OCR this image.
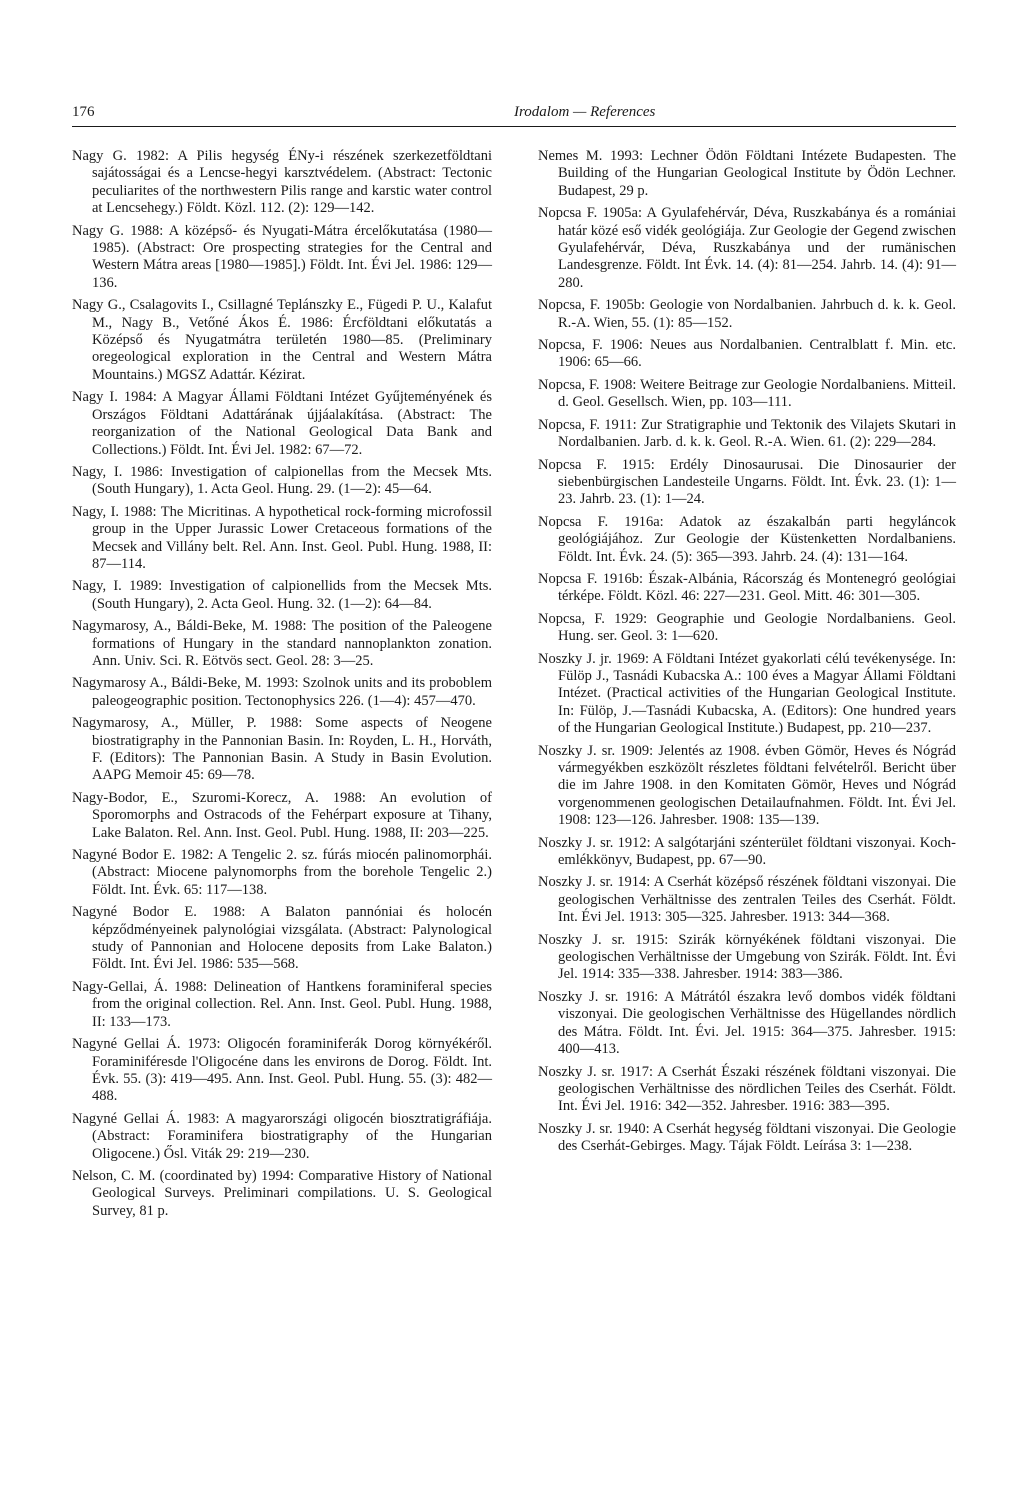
176	Irodalom — References

Nagy G. 1982: A Pilis hegység ÉNy-i részének szerkezetföldtani sajátosságai és a Lencse-hegyi karsztvédelem. (Abstract: Tectonic peculiarites of the northwestern Pilis range and karstic water control at Lencsehegy.) Földt. Közl. 112. (2): 129—142.

Nagy G. 1988: A középső- és Nyugati-Mátra ércelőkutatása (1980—1985). (Abstract: Ore prospecting strategies for the Central and Western Mátra areas [1980—1985].) Földt. Int. Évi Jel. 1986: 129—136.

Nagy G., Csalagovits I., Csillagné Teplánszky E., Fügedi P. U., Kalafut M., Nagy B., Vetőné Ákos É. 1986: Ércföldtani előkutatás a Középső és Nyugatmátra területén 1980—85. (Preliminary oregeological exploration in the Central and Western Mátra Mountains.) MGSZ Adattár. Kézirat.

Nagy I. 1984: A Magyar Állami Földtani Intézet Gyűjteményének és Országos Földtani Adattárának újjáalakítása. (Abstract: The reorganization of the National Geological Data Bank and Collections.) Földt. Int. Évi Jel. 1982: 67—72.

Nagy, I. 1986: Investigation of calpionellas from the Mecsek Mts. (South Hungary), 1. Acta Geol. Hung. 29. (1—2): 45—64.

Nagy, I. 1988: The Micritinas. A hypothetical rock-forming microfossil group in the Upper Jurassic Lower Cretaceous formations of the Mecsek and Villány belt. Rel. Ann. Inst. Geol. Publ. Hung. 1988, II: 87—114.

Nagy, I. 1989: Investigation of calpionellids from the Mecsek Mts. (South Hungary), 2. Acta Geol. Hung. 32. (1—2): 64—84.

Nagymarosy, A., Báldi-Beke, M. 1988: The position of the Paleogene formations of Hungary in the standard nannoplankton zonation. Ann. Univ. Sci. R. Eötvös sect. Geol. 28: 3—25.

Nagymarosy A., Báldi-Beke, M. 1993: Szolnok units and its proboblem paleogeographic position. Tectonophysics 226. (1—4): 457—470.

Nagymarosy, A., Müller, P. 1988: Some aspects of Neogene biostratigraphy in the Pannonian Basin. In: Royden, L. H., Horváth, F. (Editors): The Pannonian Basin. A Study in Basin Evolution. AAPG Memoir 45: 69—78.

Nagy-Bodor, E., Szuromi-Korecz, A. 1988: An evolution of Sporomorphs and Ostracods of the Fehérpart exposure at Tihany, Lake Balaton. Rel. Ann. Inst. Geol. Publ. Hung. 1988, II: 203—225.

Nagyné Bodor E. 1982: A Tengelic 2. sz. fúrás miocén palinomorphái. (Abstract: Miocene palynomorphs from the borehole Tengelic 2.) Földt. Int. Évk. 65: 117—138.

Nagyné Bodor E. 1988: A Balaton pannóniai és holocén képződményeinek palynológiai vizsgálata. (Abstract: Palynological study of Pannonian and Holocene deposits from Lake Balaton.) Földt. Int. Évi Jel. 1986: 535—568.

Nagy-Gellai, Á. 1988: Delineation of Hantkens foraminiferal species from the original collection. Rel. Ann. Inst. Geol. Publ. Hung. 1988, II: 133—173.

Nagyné Gellai Á. 1973: Oligocén foraminiferák Dorog környékéről. Foraminiféresde l'Oligocéne dans les environs de Dorog. Földt. Int. Évk. 55. (3): 419—495. Ann. Inst. Geol. Publ. Hung. 55. (3): 482—488.

Nagyné Gellai Á. 1983: A magyarországi oligocén biosztratigráfiája. (Abstract: Foraminifera biostratigraphy of the Hungarian Oligocene.) Ősl. Viták 29: 219—230.

Nelson, C. M. (coordinated by) 1994: Comparative History of National Geological Surveys. Preliminari compilations. U. S. Geological Survey, 81 p.

Nemes M. 1993: Lechner Ödön Földtani Intézete Budapesten. The Building of the Hungarian Geological Institute by Ödön Lechner. Budapest, 29 p.

Nopcsa F. 1905a: A Gyulafehérvár, Déva, Ruszkabánya és a romániai határ közé eső vidék geológiája. Zur Geologie der Gegend zwischen Gyulafehérvár, Déva, Ruszkabánya und der rumänischen Landesgrenze. Földt. Int Évk. 14. (4): 81—254. Jahrb. 14. (4): 91—280.

Nopcsa, F. 1905b: Geologie von Nordalbanien. Jahrbuch d. k. k. Geol. R.-A. Wien, 55. (1): 85—152.

Nopcsa, F. 1906: Neues aus Nordalbanien. Centralblatt f. Min. etc. 1906: 65—66.

Nopcsa, F. 1908: Weitere Beitrage zur Geologie Nordalbaniens. Mitteil. d. Geol. Gesellsch. Wien, pp. 103—111.

Nopcsa, F. 1911: Zur Stratigraphie und Tektonik des Vilajets Skutari in Nordalbanien. Jarb. d. k. k. Geol. R.-A. Wien. 61. (2): 229—284.

Nopcsa F. 1915: Erdély Dinosaurusai. Die Dinosaurier der siebenbürgischen Landesteile Ungarns. Földt. Int. Évk. 23. (1): 1—23. Jahrb. 23. (1): 1—24.

Nopcsa F. 1916a: Adatok az északalbán parti hegyláncok geológiájához. Zur Geologie der Küstenketten Nordalbaniens. Földt. Int. Évk. 24. (5): 365—393. Jahrb. 24. (4): 131—164.

Nopcsa F. 1916b: Észak-Albánia, Rácország és Montenegró geológiai térképe. Földt. Közl. 46: 227—231. Geol. Mitt. 46: 301—305.

Nopcsa, F. 1929: Geographie und Geologie Nordalbaniens. Geol. Hung. ser. Geol. 3: 1—620.

Noszky J. jr. 1969: A Földtani Intézet gyakorlati célú tevékenysége. In: Fülöp J., Tasnádi Kubacska A.: 100 éves a Magyar Állami Földtani Intézet. (Practical activities of the Hungarian Geological Institute. In: Fülöp, J.—Tasnádi Kubacska, A. (Editors): One hundred years of the Hungarian Geological Institute.) Budapest, pp. 210—237.

Noszky J. sr. 1909: Jelentés az 1908. évben Gömör, Heves és Nógrád vármegyékben eszközölt részletes földtani felvételről. Bericht über die im Jahre 1908. in den Komitaten Gömör, Heves und Nógrád vorgenommenen geologischen Detailaufnahmen. Földt. Int. Évi Jel. 1908: 123—126. Jahresber. 1908: 135—139.

Noszky J. sr. 1912: A salgótarjáni szénterület földtani viszonyai. Koch-emlékkönyv, Budapest, pp. 67—90.

Noszky J. sr. 1914: A Cserhát középső részének földtani viszonyai. Die geologischen Verhältnisse des zentralen Teiles des Cserhát. Földt. Int. Évi Jel. 1913: 305—325. Jahresber. 1913: 344—368.

Noszky J. sr. 1915: Szirák környékének földtani viszonyai. Die geologischen Verhältnisse der Umgebung von Szirák. Földt. Int. Évi Jel. 1914: 335—338. Jahresber. 1914: 383—386.

Noszky J. sr. 1916: A Mátrától északra levő dombos vidék földtani viszonyai. Die geologischen Verhältnisse des Hügellandes nördlich des Mátra. Földt. Int. Évi. Jel. 1915: 364—375. Jahresber. 1915: 400—413.

Noszky J. sr. 1917: A Cserhát Északi részének földtani viszonyai. Die geologischen Verhältnisse des nördlichen Teiles des Cserhát. Földt. Int. Évi Jel. 1916: 342—352. Jahresber. 1916: 383—395.

Noszky J. sr. 1940: A Cserhát hegység földtani viszonyai. Die Geologie des Cserhát-Gebirges. Magy. Tájak Földt. Leírása 3: 1—238.
